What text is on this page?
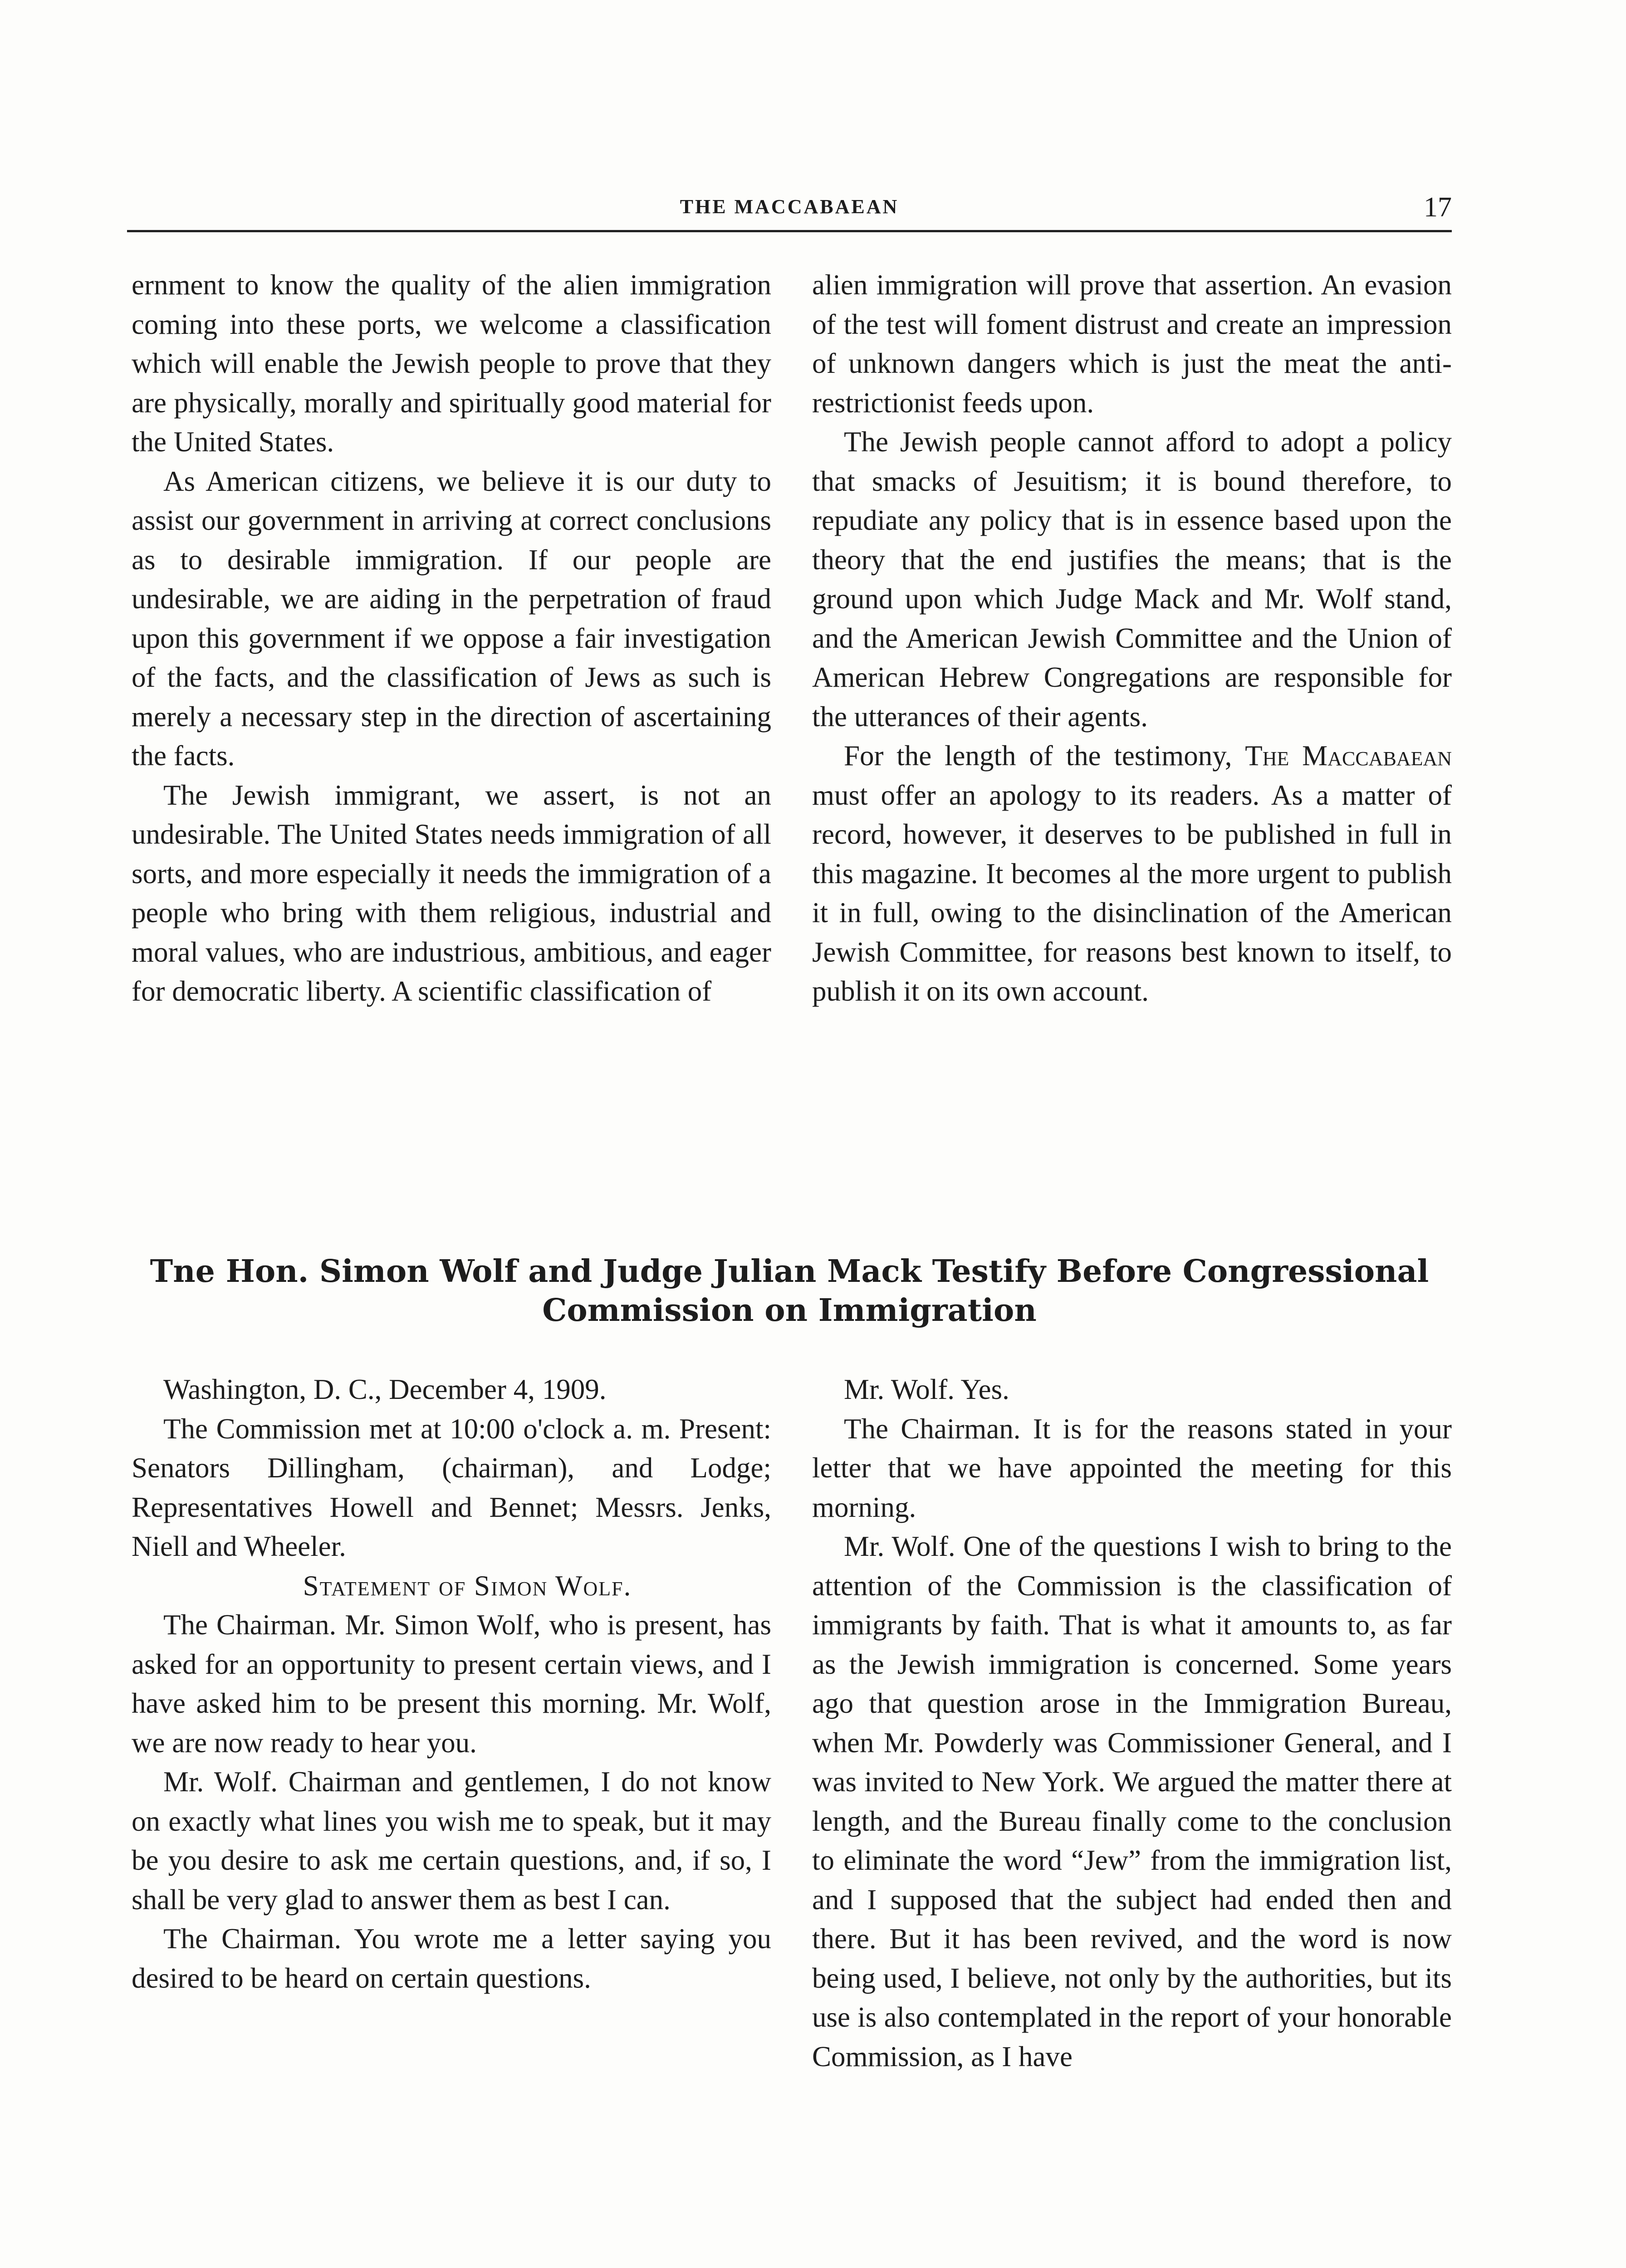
THE MACCABAEAN	17

ernment to know the quality of the alien immigration coming into these ports, we welcome a classification which will enable the Jewish people to prove that they are physically, morally and spiritually good material for the United States.

As American citizens, we believe it is our duty to assist our government in arriving at correct conclusions as to desirable immigration. If our people are undesirable, we are aiding in the perpetration of fraud upon this government if we oppose a fair investigation of the facts, and the classification of Jews as such is merely a necessary step in the direction of ascertaining the facts.

The Jewish immigrant, we assert, is not an undesirable. The United States needs immigration of all sorts, and more especially it needs the immigration of a people who bring with them religious, industrial and moral values, who are industrious, ambitious, and eager for democratic liberty. A scientific classification of

alien immigration will prove that assertion. An evasion of the test will foment distrust and create an impression of unknown dangers which is just the meat the anti-restrictionist feeds upon.

The Jewish people cannot afford to adopt a policy that smacks of Jesuitism; it is bound therefore, to repudiate any policy that is in essence based upon the theory that the end justifies the means; that is the ground upon which Judge Mack and Mr. Wolf stand, and the American Jewish Committee and the Union of American Hebrew Congregations are responsible for the utterances of their agents.

For the length of the testimony, The Maccabaean must offer an apology to its readers. As a matter of record, however, it deserves to be published in full in this magazine. It becomes al the more urgent to publish it in full, owing to the disinclination of the American Jewish Committee, for reasons best known to itself, to publish it on its own account.

Tne Hon. Simon Wolf and Judge Julian Mack Testify Before Congressional Commission on Immigration

Washington, D. C., December 4, 1909.

The Commission met at 10:00 o'clock a. m. Present: Senators Dillingham, (chairman), and Lodge; Representatives Howell and Bennet; Messrs. Jenks, Niell and Wheeler.

Statement of Simon Wolf.

The Chairman. Mr. Simon Wolf, who is present, has asked for an opportunity to present certain views, and I have asked him to be present this morning. Mr. Wolf, we are now ready to hear you.

Mr. Wolf. Chairman and gentlemen, I do not know on exactly what lines you wish me to speak, but it may be you desire to ask me certain questions, and, if so, I shall be very glad to answer them as best I can.

The Chairman. You wrote me a letter saying you desired to be heard on certain questions.

Mr. Wolf. Yes.

The Chairman. It is for the reasons stated in your letter that we have appointed the meeting for this morning.

Mr. Wolf. One of the questions I wish to bring to the attention of the Commission is the classification of immigrants by faith. That is what it amounts to, as far as the Jewish immigration is concerned. Some years ago that question arose in the Immigration Bureau, when Mr. Powderly was Commissioner General, and I was invited to New York. We argued the matter there at length, and the Bureau finally come to the conclusion to eliminate the word “Jew” from the immigration list, and I supposed that the subject had ended then and there. But it has been revived, and the word is now being used, I believe, not only by the authorities, but its use is also contemplated in the report of your honorable Commission, as I have
